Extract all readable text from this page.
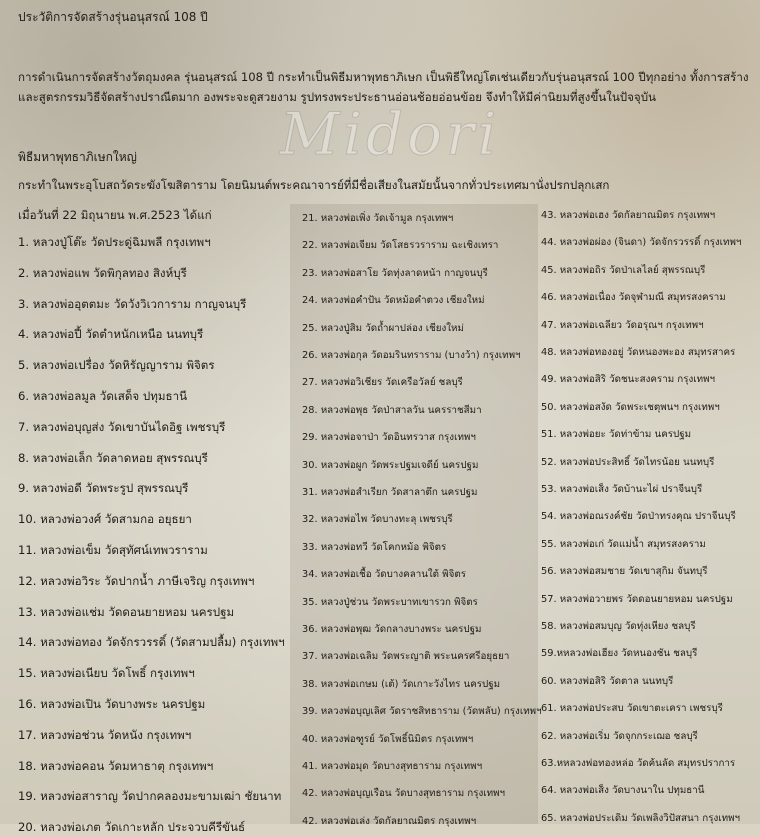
ประวัติการจัดสร้างรุ่นอนุสรณ์ 108 ปี
การดำเนินการจัดสร้างวัตถุมงคล รุ่นอนุสรณ์ 108 ปี กระทำเป็นพิธีมหาพุทธาภิเษก เป็นพิธีใหญ่โตเช่นเดียวกับรุ่นอนุสรณ์ 100 ปีทุกอย่าง ทั้งการสร้าง
และสูตรกรรมวิธีจัดสร้างปราณีตมาก องพระจะดูสวยงาม รูปทรงพระประธานอ่อนช้อยอ่อนข้อย จึงทำให้มีค่านิยมที่สูงขึ้นในปัจจุบัน
Midori
พิธีมหาพุทธาภิเษกใหญ่
กระทำในพระอุโบสถวัดระฆังโฆสิตาราม โดยนิมนต์พระคณาจารย์ที่มีชื่อเสียงในสมัยนั้นจากทั่วประเทศมานั่งปรกปลุกเสก
เมื่อวันที่ 22 มิถุนายน พ.ศ.2523 ได้แก่
1. หลวงปู่โต๊ะ วัดประดู่ฉิมพลี กรุงเทพฯ
2. หลวงพ่อแพ วัดพิกุลทอง สิงห์บุรี
3. หลวงพ่ออุตตมะ วัดวังวิเวการาม กาญจนบุรี
4. หลวงพ่อปี้ วัดตำหนักเหนือ นนทบุรี
5. หลวงพ่อเปรื่อง วัดหิรัญญาราม พิจิตร
6. หลวงพ่อลมูล วัดเสด็จ ปทุมธานี
7. หลวงพ่อบุญส่ง วัดเขาบันไดอิฐ เพชรบุรี
8. หลวงพ่อเล็ก วัดลาดหอย สุพรรณบุรี
9. หลวงพ่อดี วัดพระรูป สุพรรณบุรี
10. หลวงพ่อวงศ์ วัดสามกอ อยุธยา
11. หลวงพ่อเข็ม วัดสุทัศน์เทพวราราม
12. หลวงพ่อวิระ วัดปากน้ำ ภาษีเจริญ กรุงเทพฯ
13. หลวงพ่อแช่ม วัดดอนยายหอม นครปฐม
14. หลวงพ่อทอง วัดจักรวรรดิ์ (วัดสามปลื้ม) กรุงเทพฯ
15. หลวงพ่อเนียบ วัดโพธิ์ กรุงเทพฯ
16. หลวงพ่อเปิน วัดบางพระ นครปฐม
17. หลวงพ่อช่วน วัดหนัง กรุงเทพฯ
18. หลวงพ่อคอน วัดมหาธาตุ กรุงเทพฯ
19. หลวงพ่อสาราญ วัดปากคลองมะขามเฒ่า ชัยนาท
20. หลวงพ่อเภต วัดเกาะหลัก ประจวบคีรีขันธ์
21. หลวงพ่อเพิ่ง วัดเจ้ามูล กรุงเทพฯ
22. หลวงพ่อเจียม วัดโสธรวราราม ฉะเชิงเทรา
23. หลวงพ่อสาโย วัดทุ่งลาดหน้า กาญจนบุรี
24. หลวงพ่อคำปัน วัดหม้อคำตวง เชียงใหม่
25. หลวงปู่สิม วัดถ้ำผาปล่อง เชียงใหม่
26. หลวงพ่อกุล วัดอมรินทราราม (บางว้า) กรุงเทพฯ
27. หลวงพ่อวิเชียร วัดเครือวัลย์ ชลบุรี
28. หลวงพ่อพุธ วัดป่าสาลวัน นครราชสีมา
29. หลวงพ่อจาป่า วัดอินทรวาส กรุงเทพฯ
30. หลวงพ่อผูก วัดพระปฐมเจดีย์ นครปฐม
31. หลวงพ่อสำเรียก วัดสาลาตึก นครปฐม
32. หลวงพ่อไพ วัดบางทะลุ เพชรบุรี
33. หลวงพ่อทวี วัดโคกหม้อ พิจิตร
34. หลวงพ่อเชื้อ วัดบางคลานใต้ พิจิตร
35. หลวงปู่ช่วน วัดพระบาทเขารวก พิจิตร
36. หลวงพ่อพุฒ วัดกลางบางพระ นครปฐม
37. หลวงพ่อเฉลิม วัดพระญาติ พระนครศรีอยุธยา
38. หลวงพ่อเกษม (เต้) วัดเกาะวังไทร นครปฐม
39. หลวงพ่อบุญเลิศ วัดราชสิทธาราม (วัดพลับ) กรุงเทพฯ
40. หลวงพ่อฑูรย์ วัดโพธิ์นิมิตร กรุงเทพฯ
41. หลวงพ่อมุด วัดบางสุทธาราม กรุงเทพฯ
42. หลวงพ่อบุญเรือน วัดบางสุทธาราม กรุงเทพฯ
42. หลวงพ่อเล่ง วัดกัลยาณมิตร กรุงเทพฯ
43. หลวงพ่อเฮง วัดกัลยาณมิตร กรุงเทพฯ
44. หลวงพ่อผ่อง (จินดา) วัดจักรวรรดิ์ กรุงเทพฯ
45. หลวงพ่อถิร วัดป่าเลไลย์ สุพรรณบุรี
46. หลวงพ่อเนื่อง วัดจุฬามณี สมุทรสงคราม
47. หลวงพ่อเฉลียว วัดอรุณฯ กรุงเทพฯ
48. หลวงพ่อทองอยู่ วัดหนองพะอง สมุทรสาคร
49. หลวงพ่อสิริ วัดชนะสงคราม กรุงเทพฯ
50. หลวงพ่อสงัด วัดพระเชตุพนฯ กรุงเทพฯ
51. หลวงพ่อยะ วัดท่าข้าม นครปฐม
52. หลวงพ่อประสิทธิ์ วัดไทรน้อย นนทบุรี
53. หลวงพ่อเส็ง วัดบ้านะไผ่ ปราจีนบุรี
54. หลวงพ่อณรงค์ชัย วัดป่าทรงคุณ ปราจีนบุรี
55. หลวงพ่อเก่ วัดแม่น้ำ สมุทรสงคราม
56. หลวงพ่อสมชาย วัดเขาสุกิม จันทบุรี
57. หลวงพ่อวายพร วัดดอนยายหอม นครปฐม
58. หลวงพ่อสมบุญ วัดทุ่งเหียง ชลบุรี
59.หหลวงพ่อเฮียง วัดหนองชัน ชลบุรี
60. หลวงพ่อสิริ วัดตาล นนทบุรี
61. หลวงพ่อประสบ วัดเขาตะเครา เพชรบุรี
62. หลวงพ่อเริ่ม วัดจุกกระเฌอ ชลบุรี
63.หหลวงพ่อทองหล่อ วัดค้นลัด สมุทรปราการ
64. หลวงพ่อเส็ง วัดบางนาใน ปทุมธานี
65. หลวงพ่อประเดิม วัดเพลิงวิปัสสนา กรุงเทพฯ
